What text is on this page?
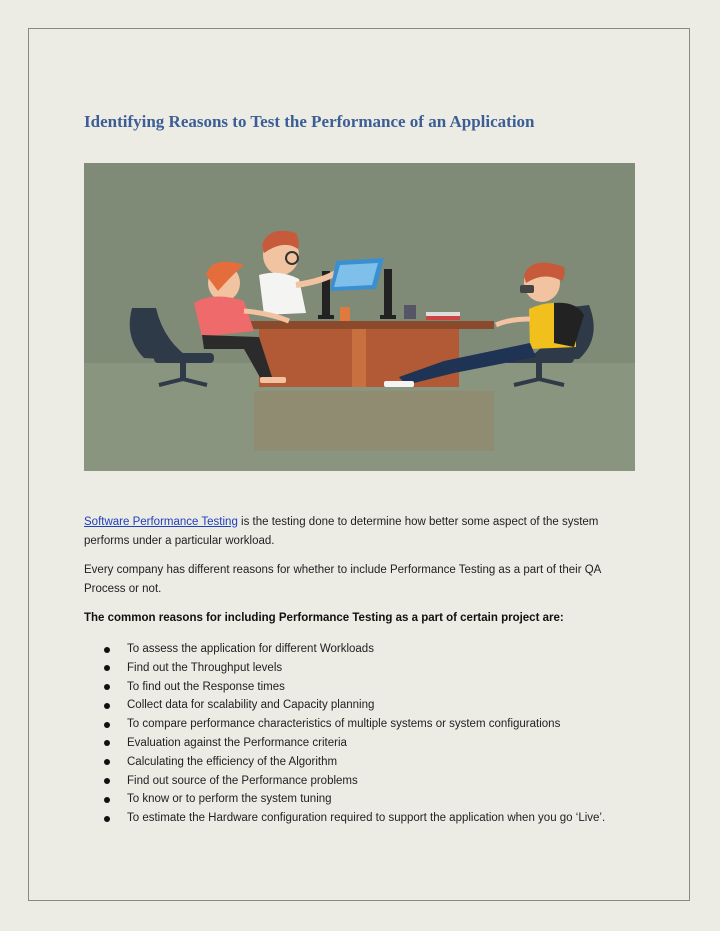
Identifying Reasons to Test the Performance of an Application

Software Performance Testing is the testing done to determine how better some aspect of the system performs under a particular workload.

Every company has different reasons for whether to include Performance Testing as a part of their QA Process or not.

The common reasons for including Performance Testing as a part of certain project are:

To assess the application for different Workloads
Find out the Throughput levels
To find out the Response times
Collect data for scalability and Capacity planning
To compare performance characteristics of multiple systems or system configurations
Evaluation against the Performance criteria
Calculating the efficiency of the Algorithm
Find out source of the Performance problems
To know or to perform the system tuning
To estimate the Hardware configuration required to support the application when you go ‘Live’.
